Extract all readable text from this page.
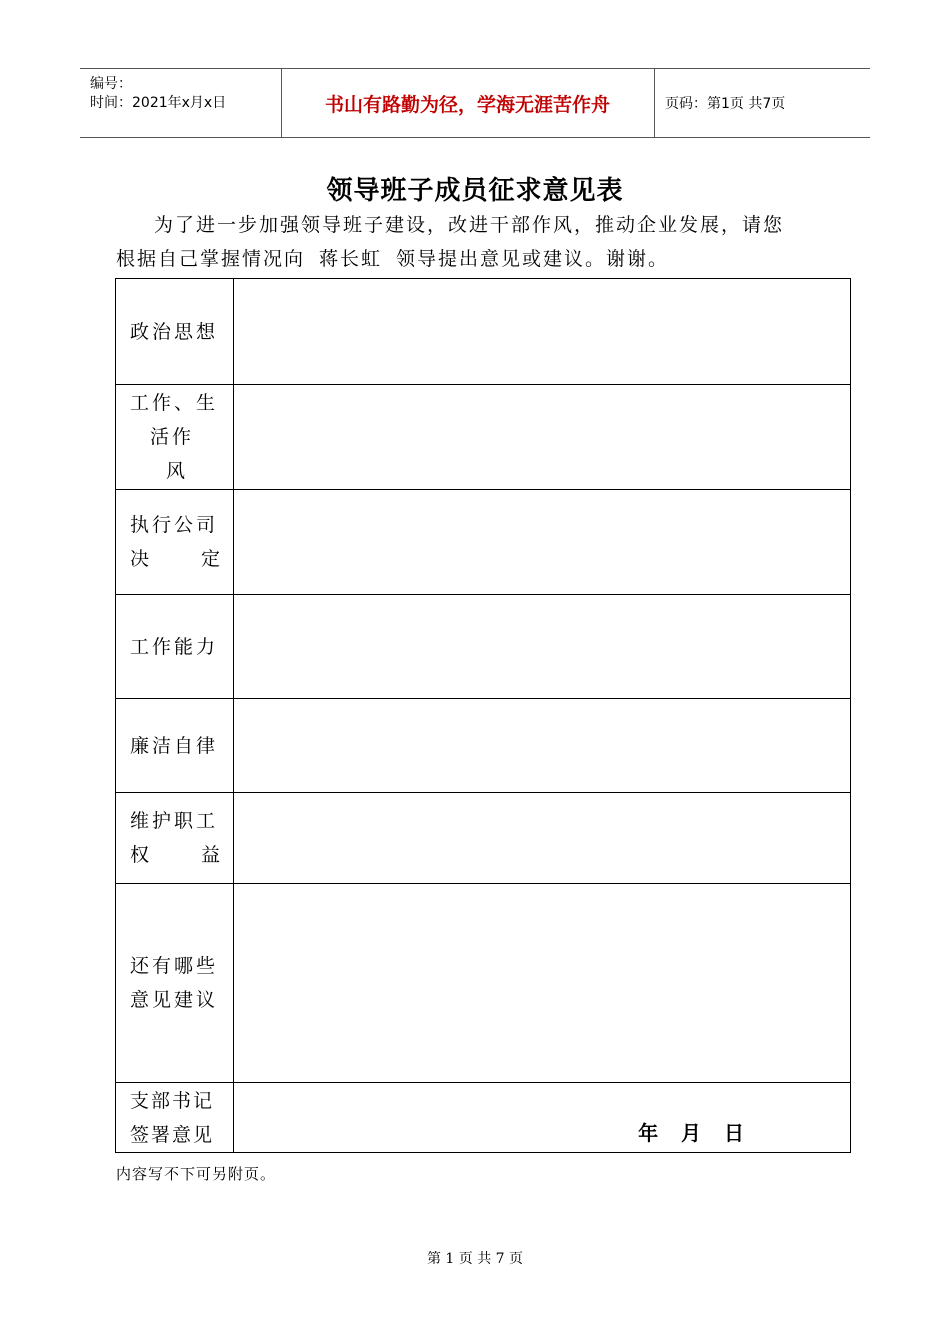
编号：
时间：2021年x月x日	书山有路勤为径，学海无涯苦作舟	页码：第1页 共7页
领导班子成员征求意见表
为了进一步加强领导班子建设，改进干部作风，推动企业发展，请您
根据自己掌握情况向 蒋长虹 领导提出意见或建议。谢谢。
政治思想	

工作、生
活作
风	

执行公司
决 定	

工作能力	

廉洁自律	

维护职工
权 益	

还有哪些
意见建议	

支部书记
签署意见	年 月 日
内容写不下可另附页。
第 1 页 共 7 页
